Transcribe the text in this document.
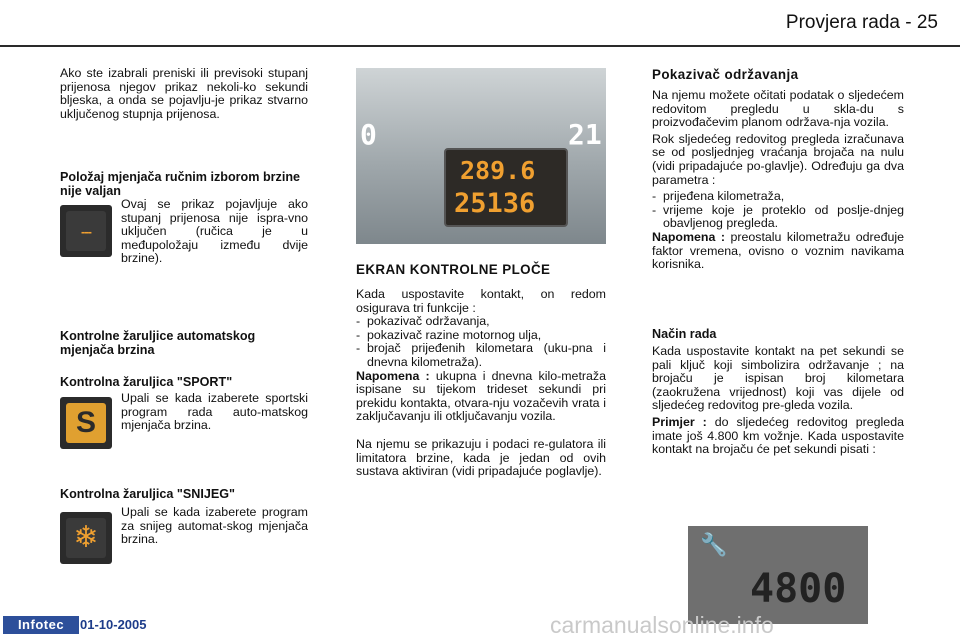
Provjera rada - 25
Ako ste izabrali preniski ili previsoki stupanj prijenosa njegov prikaz nekoli-ko sekundi bljeska, a onda se pojavlju-je prikaz stvarno uključenog stupnja prijenosa.
Položaj mjenjača ručnim izborom brzine nije valjan
---
Ovaj se prikaz pojavljuje ako stupanj prijenosa nije ispra-vno uključen (ručica je u međupoložaju između dvije brzine).
Kontrolne žaruljice automatskog mjenjača brzina
Kontrolna žaruljica "SPORT"
S
Upali se kada izaberete sportski program rada auto-matskog mjenjača brzina.
Kontrolna žaruljica "SNIJEG"
❄
Upali se kada izaberete program za snijeg automat-skog mjenjača brzina.
0	21
289.6
25136
EKRAN KONTROLNE PLOČE

Kada uspostavite kontakt, on redom osigurava tri funkcije :

- pokazivač održavanja,
- pokazivač razine motornog ulja,
- brojač prijeđenih kilometara (uku-pna i dnevna kilometraža).

Napomena : ukupna i dnevna kilo-metraža ispisane su tijekom trideset sekundi pri prekidu kontakta, otvara-nju vozačevih vrata i zaključavanju ili otključavanju vozila.

Na njemu se prikazuju i podaci re-gulatora ili limitatora brzine, kada je jedan od ovih sustava aktiviran (vidi pripadajuće poglavlje).

Pokazivač održavanja

Na njemu možete očitati podatak o sljedećem redovitom pregledu u skla-du s proizvođačevim planom održava-nja vozila.

Rok sljedećeg redovitog pregleda izračunava se od posljednjeg vraćanja brojača na nulu (vidi pripadajuće po-glavlje). Određuju ga dva parametra :

- prijeđena kilometraža,
- vrijeme koje je proteklo od poslje-dnjeg obavljenog pregleda.

Napomena : preostalu kilometražu određuje faktor vremena, ovisno o voznim navikama korisnika.

Način rada

Kada uspostavite kontakt na pet sekundi se pali ključ koji simbolizira održavanje ; na brojaču je ispisan broj kilometara (zaokružena vrijednost) koji vas dijele od sljedećeg redovitog pre-gleda vozila.

Primjer : do sljedećeg redovitog pregleda imate još 4.800 km vožnje. Kada uspostavite kontakt na brojaču će pet sekundi pisati :

🔧
4800
Infotec	01-10-2005	carmanualsonline.info
